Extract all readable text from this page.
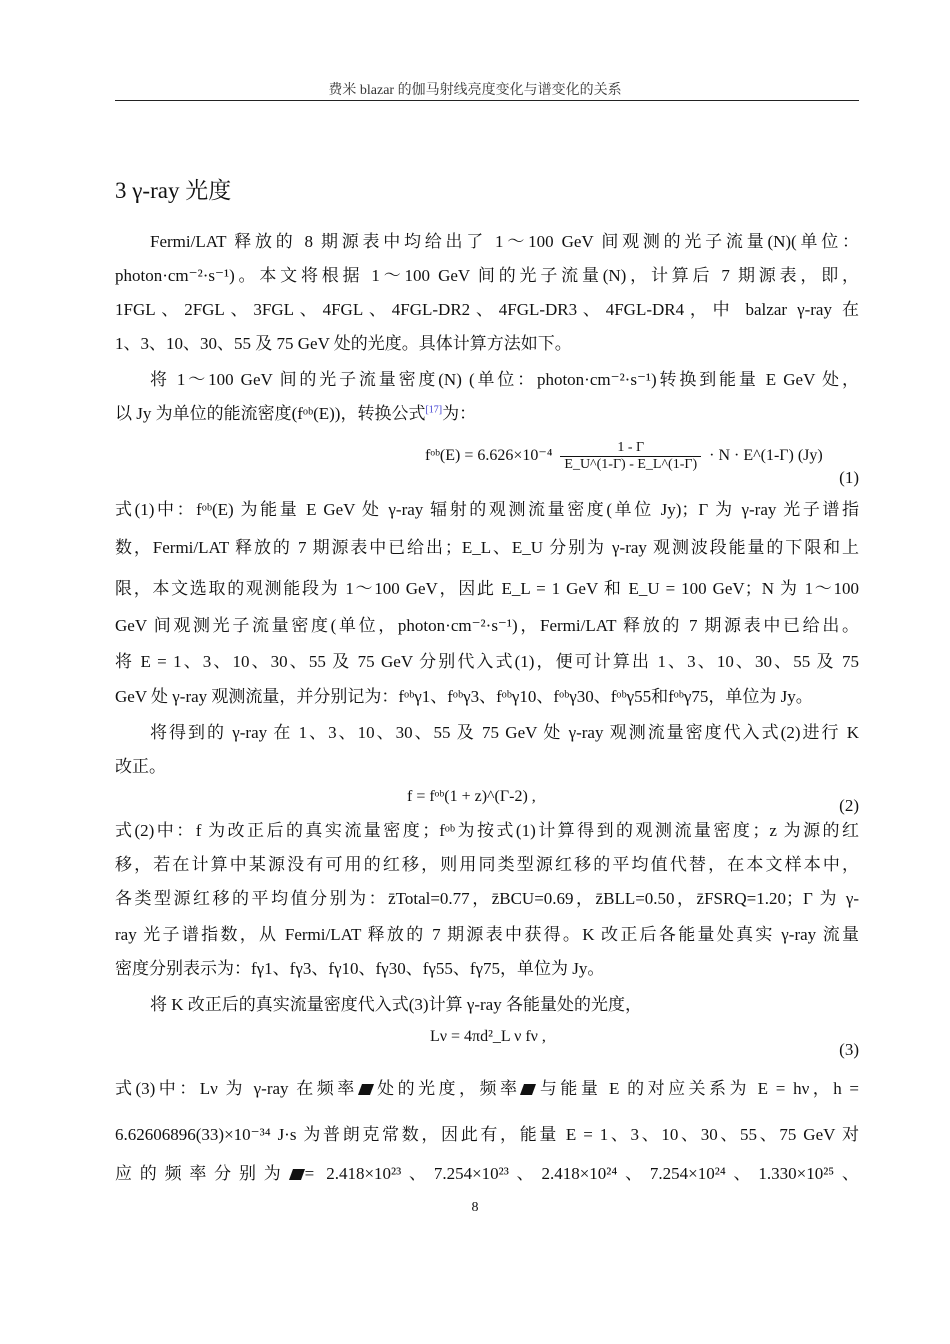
费米 blazar 的伽马射线亮度变化与谱变化的关系
3 γ-ray 光度
Fermi/LAT 释放的 8 期源表中均给出了 1～100 GeV 间观测的光子流量(N)(单位：
photon·cm⁻²·s⁻¹)。本文将根据 1～100 GeV 间的光子流量(N)，计算后 7 期源表，即，
1FGL、2FGL、3FGL、4FGL、4FGL-DR2、4FGL-DR3、4FGL-DR4，中 balzar γ-ray 在
1、3、10、30、55 及 75 GeV 处的光度。具体计算方法如下。
将 1～100 GeV 间的光子流量密度(N) (单位：photon·cm⁻²·s⁻¹)转换到能量 E GeV 处，
以 Jy 为单位的能流密度(fᵒᵇ(E))，转换公式[17]为：
fᵒᵇ(E) = $6.626\times 10^{-4} \frac{1 - \Gamma}{E\_U\^{}(1-\Gamma) - E\_L\^{}(1-\Gamma)} \cdot N$ · E^(1-Γ) (Jy)
(1)
式(1)中：fᵒᵇ(E) 为能量 E GeV 处 γ-ray 辐射的观测流量密度(单位 Jy)；Γ 为 γ-ray 光子谱指
数，Fermi/LAT 释放的 7 期源表中已给出；E_L、E_U 分别为 γ-ray 观测波段能量的下限和上
限，本文选取的观测能段为 1～100 GeV，因此 E_L = 1 GeV 和 E_U = 100 GeV；N 为 1～100
GeV 间观测光子流量密度(单位，photon·cm⁻²·s⁻¹)，Fermi/LAT 释放的 7 期源表中已给出。
将 E = 1、3、10、30、55 及 75 GeV 分别代入式(1)，便可计算出 1、3、10、30、55 及 75
GeV 处 γ-ray 观测流量，并分别记为：fᵒᵇγ1、fᵒᵇγ3、fᵒᵇγ10、fᵒᵇγ30、fᵒᵇγ55和fᵒᵇγ75，单位为 Jy。
将得到的 γ-ray 在 1、3、10、30、55 及 75 GeV 处 γ-ray 观测流量密度代入式(2)进行 K
改正。
f = fᵒᵇ(1 + z)^(Γ-2) ,	(2)
式(2)中：f 为改正后的真实流量密度；fᵒᵇ为按式(1)计算得到的观测流量密度；z 为源的红
移，若在计算中某源没有可用的红移，则用同类型源红移的平均值代替，在本文样本中，
各类型源红移的平均值分别为：z̄Total=0.77，z̄BCU=0.69，z̄BLL=0.50，z̄FSRQ=1.20；Γ 为 γ-
ray 光子谱指数，从 Fermi/LAT 释放的 7 期源表中获得。K 改正后各能量处真实 γ-ray 流量
密度分别表示为：fγ1、fγ3、fγ10、fγ30、fγ55、fγ75，单位为 Jy。
将 K 改正后的真实流量密度代入式(3)计算 γ-ray 各能量处的光度，
Lν = 4πd²_L ν fν ,
(3)
式(3)中：Lν 为 γ-ray 在频率 处的光度，频率 与能量 E 的对应关系为 E = hν，h =
6.62606896(33)×10⁻³⁴ J·s 为普朗克常数，因此有，能量 E = 1、3、10、30、55、75 GeV 对
应的频率分别为 = 2.418×10²³、7.254×10²³、2.418×10²⁴、7.254×10²⁴、1.330×10²⁵、
8
